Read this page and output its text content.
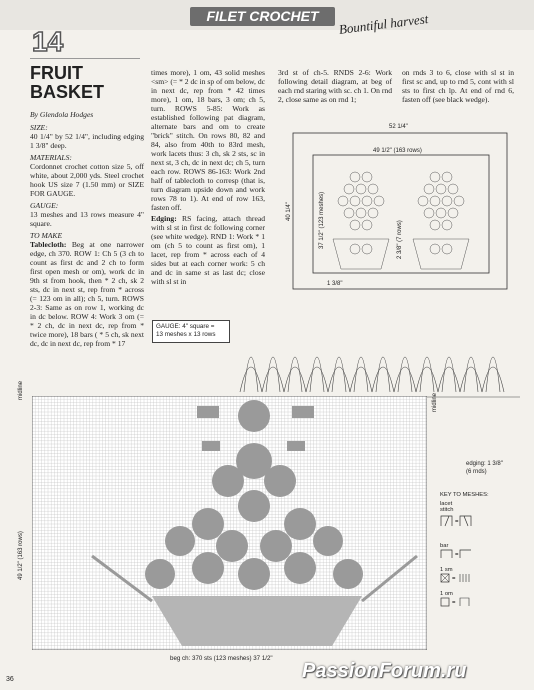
FILET CROCHET	Bountiful harvest
14
FRUIT
BASKET

By Glendola Hodges

SIZE:

40 1/4" by 52 1/4", including edging 1 3/8" deep.

MATERIALS:

Cordonnet crochet cotton size 5, off white, about 2,000 yds. Steel crochet hook US size 7 (1.50 mm) or SIZE FOR GAUGE.

GAUGE:

13 meshes and 13 rows measure 4" square.

TO MAKE

Tablecloth: Beg at one narrower edge, ch 370. ROW 1: Ch 5 (3 ch to count as first dc and 2 ch to form first open mesh or om), work dc in 9th st from hook, then * 2 ch, sk 2 sts, dc in next st, rep from * across (= 123 om in all); ch 5, turn. ROWS 2-3: Same as on row 1, working dc in dc below. ROW 4: Work 3 om (= * 2 ch, dc in next dc, rep from * twice more), 18 bars ( * 5 ch, sk next dc, dc in next dc, rep from * 17

times more), 1 om, 43 solid meshes <sm> (= * 2 dc in sp of om below, dc in next dc, rep from * 42 times more), 1 om, 18 bars, 3 om; ch 5, turn. ROWS 5-85: Work as established following pat diagram, alternate bars and om to create "brick" stitch. On rows 80, 82 and 84, also from 40th to 83rd mesh, work lacets thus: 3 ch, sk 2 sts, sc in next st, 3 ch, dc in next dc; ch 5, turn each row. ROWS 86-163: Work 2nd half of tablecloth to corresp (that is, turn diagram upside down and work rows 78 to 1). At end of row 163, fasten off.

Edging: RS facing, attach thread with sl st in first dc following corner (see white wedge). RND 1: Work * 1 om (ch 5 to count as first om), 1 lacet, rep from * across each of 4 sides but at each corner work: 5 ch and dc in same st as last dc; close with sl st in

3rd st of ch-5. RNDS 2-6: Work following detail diagram, at beg of each rnd staring with sc. ch 1. On rnd 2, close same as on rnd 1;
on rnds 3 to 6, close with sl st in first sc and, up to rnd 5, cont with sl sts to first ch lp. At end of rnd 6, fasten off (see black wedge).
52 1/4"
49 1/2" (163 rows)
40 1/4"	37 1/2" (123 meshes)	2 3/8" (7 rows)
1 3/8"
GAUGE: 4" square =
13 meshes x 13 rows
midline
49 1/2" (163 rows)
beg ch: 370 sts (123 meshes) 37 1/2"
midline
edging: 1 3/8"
(6 rnds)
KEY TO MESHES:
lacet
stitch
=
bar
=
1 sm
=
1 om
=
36	PassionForum.ru
